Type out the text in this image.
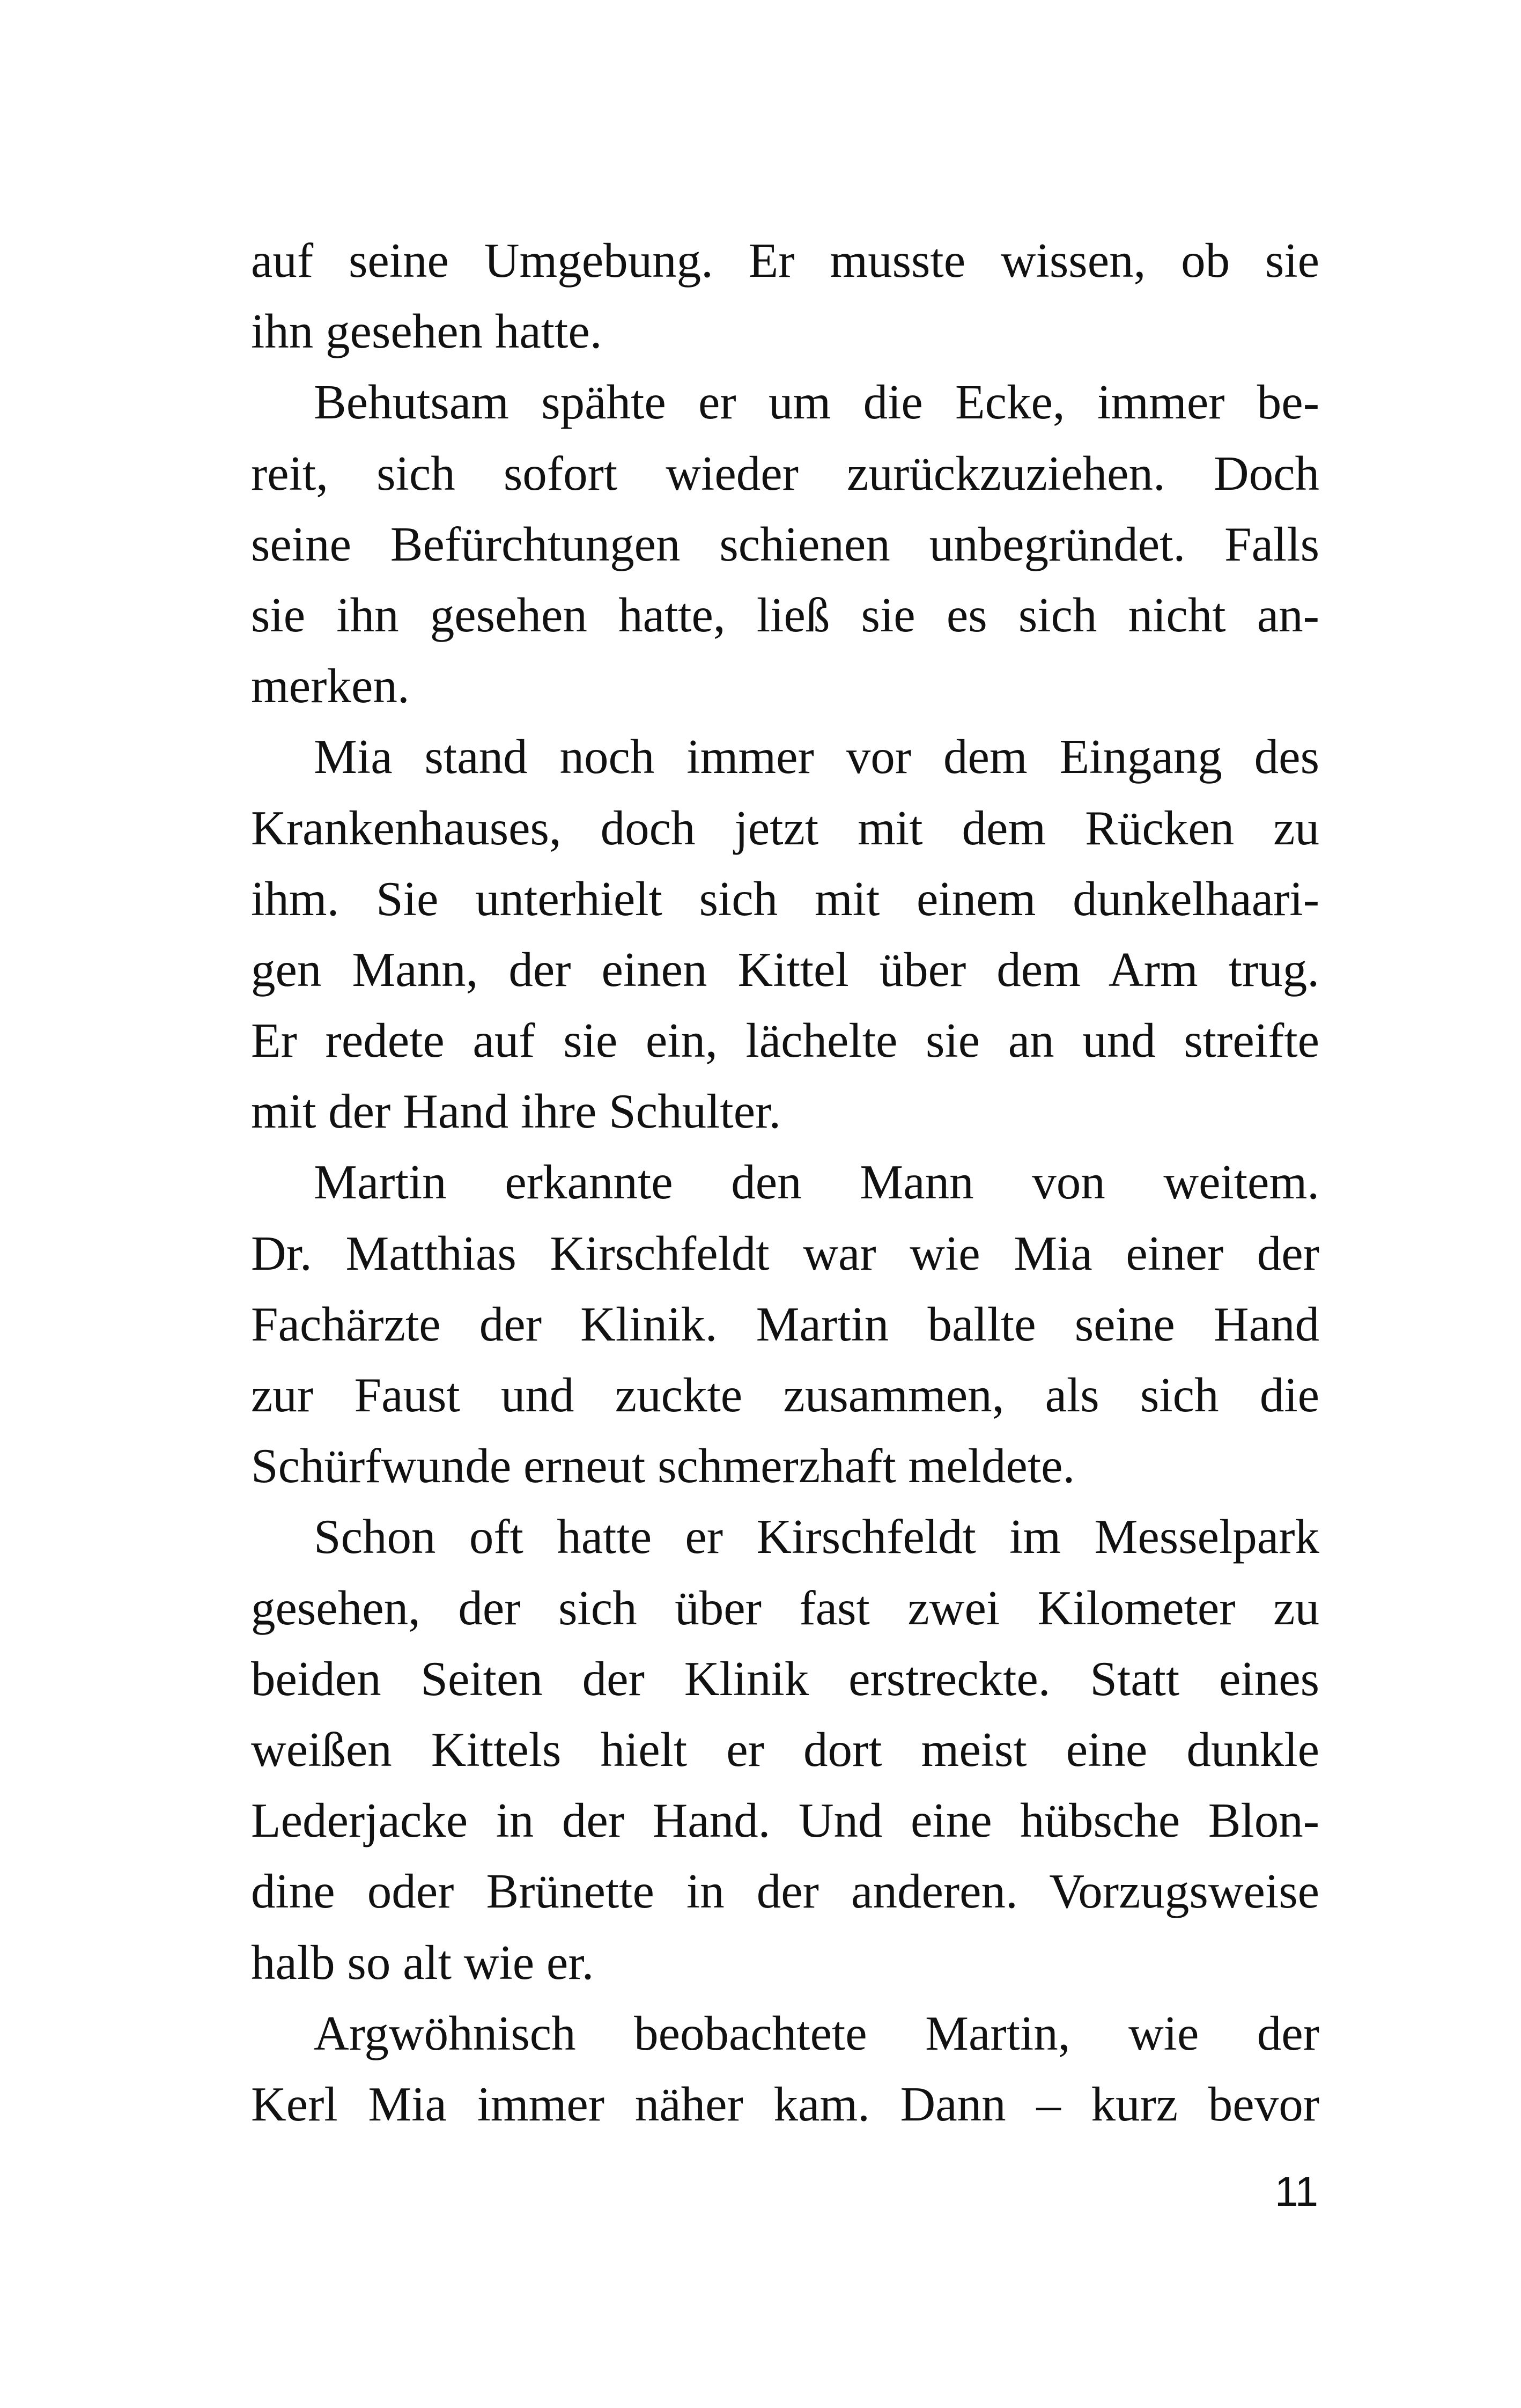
auf seine Umgebung. Er musste wissen, ob sie
ihn gesehen hatte.
Behutsam spähte er um die Ecke, immer be-
reit, sich sofort wieder zurückzuziehen. Doch
seine Befürchtungen schienen unbegründet. Falls
sie ihn gesehen hatte, ließ sie es sich nicht an-
merken.
Mia stand noch immer vor dem Eingang des
Krankenhauses, doch jetzt mit dem Rücken zu
ihm. Sie unterhielt sich mit einem dunkelhaari-
gen Mann, der einen Kittel über dem Arm trug.
Er redete auf sie ein, lächelte sie an und streifte
mit der Hand ihre Schulter.
Martin erkannte den Mann von weitem.
Dr. Matthias Kirschfeldt war wie Mia einer der
Fachärzte der Klinik. Martin ballte seine Hand
zur Faust und zuckte zusammen, als sich die
Schürfwunde erneut schmerzhaft meldete.
Schon oft hatte er Kirschfeldt im Messelpark
gesehen, der sich über fast zwei Kilometer zu
beiden Seiten der Klinik erstreckte. Statt eines
weißen Kittels hielt er dort meist eine dunkle
Lederjacke in der Hand. Und eine hübsche Blon-
dine oder Brünette in der anderen. Vorzugsweise
halb so alt wie er.
Argwöhnisch beobachtete Martin, wie der
Kerl Mia immer näher kam. Dann – kurz bevor
11
